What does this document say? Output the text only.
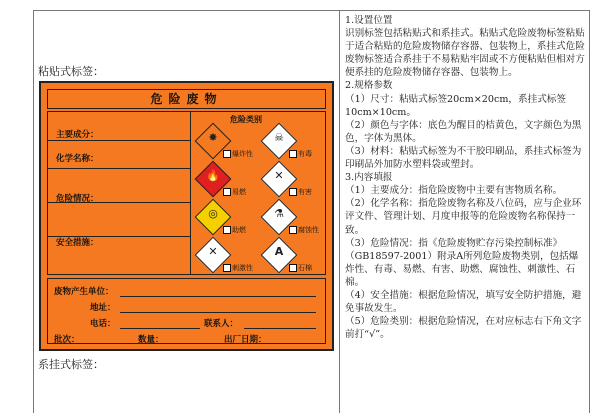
粘贴式标签：
危险废物
主要成分：
化学名称：
危险情况：
安全措施：
危险类别
废物产生单位：
地址：
电话：	联系人：
批次：	数量：	出厂日期：
✸
爆炸性
☠
有毒
🔥
易燃
✕
有害
◎
助燃
⚗
腐蚀性
✕
刺激性
A
石棉
系挂式标签：

1.设置位置

识别标签包括粘贴式和系挂式。粘贴式危险废物标签粘贴于适合粘贴的危险废物储存容器、包装物上，系挂式危险废物标签适合系挂于不易粘贴牢固或不方便粘贴但相对方便系挂的危险废物储存容器、包装物上。

2.规格参数

（1）尺寸：粘贴式标签20cm×20cm，系挂式标签10cm×10cm。

（2）颜色与字体：底色为醒目的桔黄色，文字颜色为黑色，字体为黑体。

（3）材料：粘贴式标签为不干胶印刷品，系挂式标签为印刷品外加防水塑料袋或塑封。

3.内容填报

（1）主要成分：指危险废物中主要有害物质名称。

（2）化学名称：指危险废物名称及八位码，应与企业环评文件、管理计划、月度申报等的危险废物名称保持一致。

（3）危险情况：指《危险废物贮存污染控制标准》（GB18597-2001）附录A所列危险废物类别，包括爆炸性、有毒、易燃、有害、助燃、腐蚀性、刺激性、石棉。

（4）安全措施：根据危险情况，填写安全防护措施，避免事故发生。

（5）危险类别：根据危险情况，在对应标志右下角文字前打“√”。
